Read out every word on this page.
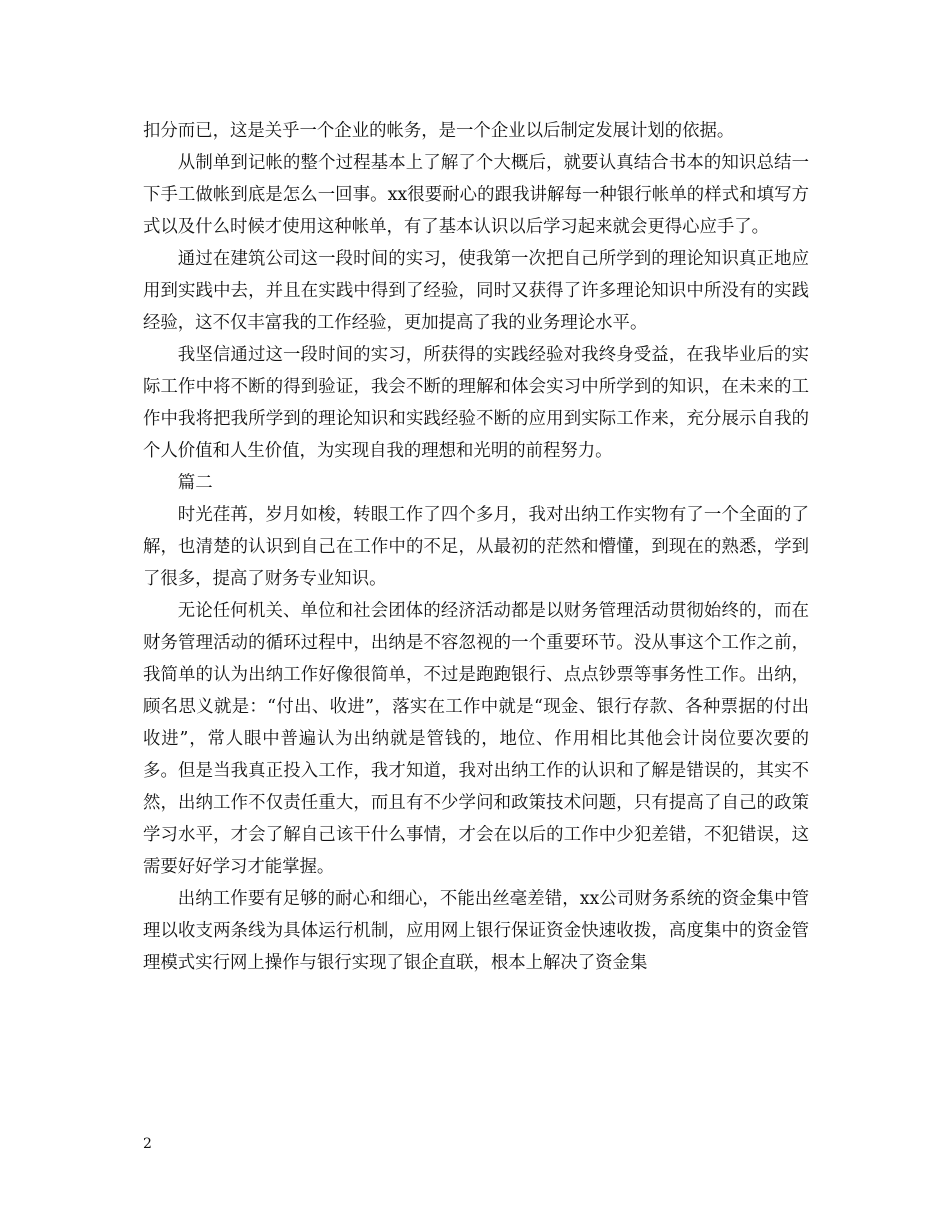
扣分而已，这是关乎一个企业的帐务，是一个企业以后制定发展计划的依据。

从制单到记帐的整个过程基本上了解了个大概后，就要认真结合书本的知识总结一下手工做帐到底是怎么一回事。xx很要耐心的跟我讲解每一种银行帐单的样式和填写方式以及什么时候才使用这种帐单，有了基本认识以后学习起来就会更得心应手了。

通过在建筑公司这一段时间的实习，使我第一次把自己所学到的理论知识真正地应用到实践中去，并且在实践中得到了经验，同时又获得了许多理论知识中所没有的实践经验，这不仅丰富我的工作经验，更加提高了我的业务理论水平。

我坚信通过这一段时间的实习，所获得的实践经验对我终身受益，在我毕业后的实际工作中将不断的得到验证，我会不断的理解和体会实习中所学到的知识，在未来的工作中我将把我所学到的理论知识和实践经验不断的应用到实际工作来，充分展示自我的个人价值和人生价值，为实现自我的理想和光明的前程努力。

篇二

时光荏苒，岁月如梭，转眼工作了四个多月，我对出纳工作实物有了一个全面的了解，也清楚的认识到自己在工作中的不足，从最初的茫然和懵懂，到现在的熟悉，学到了很多，提高了财务专业知识。

无论任何机关、单位和社会团体的经济活动都是以财务管理活动贯彻始终的，而在财务管理活动的循环过程中，出纳是不容忽视的一个重要环节。没从事这个工作之前，我简单的认为出纳工作好像很简单，不过是跑跑银行、点点钞票等事务性工作。出纳，顾名思义就是：“付出、收进”，落实在工作中就是“现金、银行存款、各种票据的付出收进”，常人眼中普遍认为出纳就是管钱的，地位、作用相比其他会计岗位要次要的多。但是当我真正投入工作，我才知道，我对出纳工作的认识和了解是错误的，其实不然，出纳工作不仅责任重大，而且有不少学问和政策技术问题，只有提高了自己的政策学习水平，才会了解自己该干什么事情，才会在以后的工作中少犯差错，不犯错误，这需要好好学习才能掌握。

出纳工作要有足够的耐心和细心，不能出丝毫差错，xx公司财务系统的资金集中管理以收支两条线为具体运行机制，应用网上银行保证资金快速收拨，高度集中的资金管理模式实行网上操作与银行实现了银企直联，根本上解决了资金集

2
